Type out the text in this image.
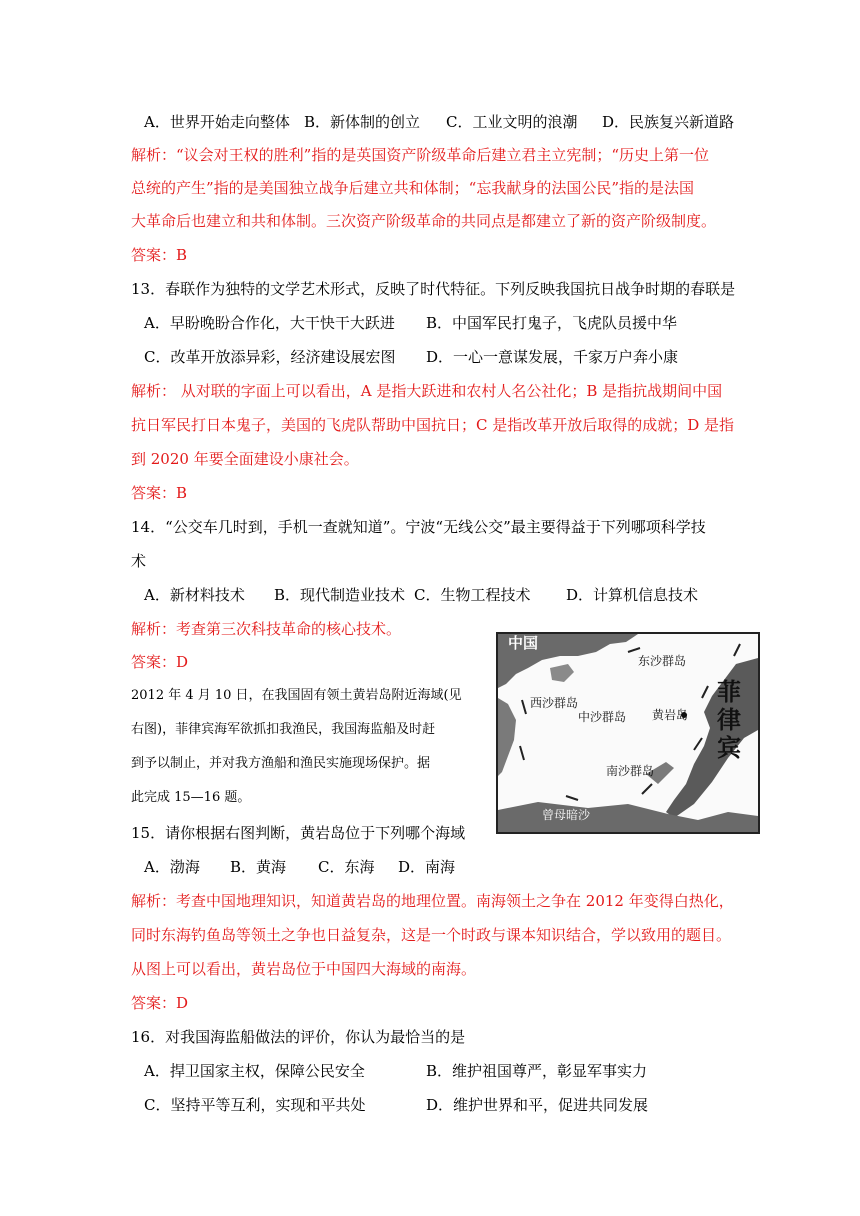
A．世界开始走向整体 B．新体制的创立 C．工业文明的浪潮 D．民族复兴新道路
解析：“议会对王权的胜利”指的是英国资产阶级革命后建立君主立宪制；“历史上第一位
总统的产生”指的是美国独立战争后建立共和体制；“忘我献身的法国公民”指的是法国
大革命后也建立和共和体制。三次资产阶级革命的共同点是都建立了新的资产阶级制度。
答案：B
13．春联作为独特的文学艺术形式，反映了时代特征。下列反映我国抗日战争时期的春联是
A．早盼晚盼合作化，大干快干大跃进 B．中国军民打鬼子，飞虎队员援中华
C．改革开放添异彩，经济建设展宏图 D．一心一意谋发展，千家万户奔小康
解析： 从对联的字面上可以看出，A 是指大跃进和农村人名公社化；B 是指抗战期间中国
抗日军民打日本鬼子，美国的飞虎队帮助中国抗日；C 是指改革开放后取得的成就；D 是指
到 2020 年要全面建设小康社会。
答案：B
14．“公交车几时到，手机一查就知道”。宁波“无线公交”最主要得益于下列哪项科学技
术
A．新材料技术 B．现代制造业技术 C．生物工程技术 D．计算机信息技术
解析：考查第三次科技革命的核心技术。
答案：D
2012 年 4 月 10 日，在我国固有领土黄岩岛附近海域(见
右图)，菲律宾海军欲抓扣我渔民，我国海监船及时赶
到予以制止，并对我方渔船和渔民实施现场保护。据
此完成 15—16 题。
中国
东沙群岛
西沙群岛
中沙群岛 黄岩岛
菲
律
宾
南沙群岛
曾母暗沙
15．请你根据右图判断，黄岩岛位于下列哪个海域
A．渤海 B．黄海 C．东海 D．南海
解析：考查中国地理知识，知道黄岩岛的地理位置。南海领土之争在 2012 年变得白热化，
同时东海钓鱼岛等领土之争也日益复杂，这是一个时政与课本知识结合，学以致用的题目。
从图上可以看出，黄岩岛位于中国四大海域的南海。
答案：D
16．对我国海监船做法的评价，你认为最恰当的是
A．捍卫国家主权，保障公民安全	B．维护祖国尊严，彰显军事实力
C．坚持平等互利，实现和平共处	D．维护世界和平，促进共同发展
